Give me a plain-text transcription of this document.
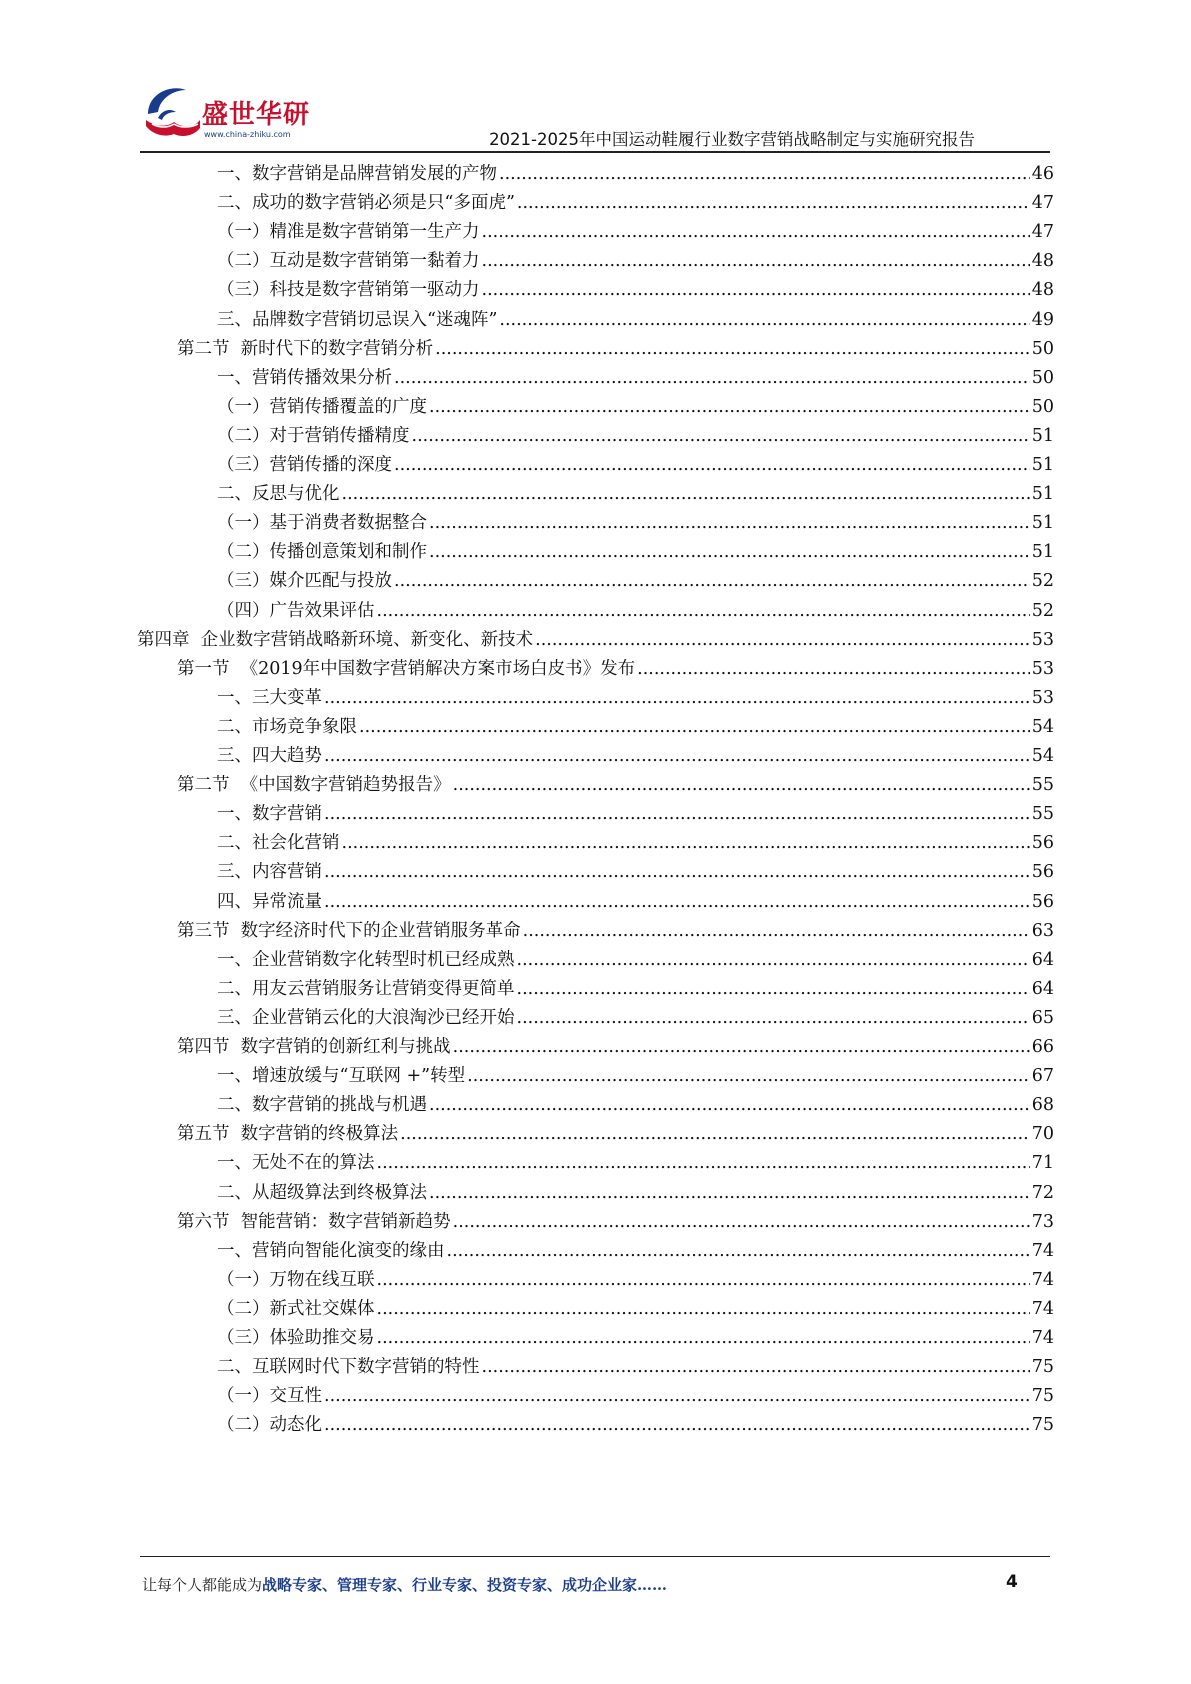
盛世华研
www.china-zhiku.com	2021-2025年中国运动鞋履行业数字营销战略制定与实施研究报告
一、数字营销是品牌营销发展的产物 .....	46
二、成功的数字营销必须是只“多面虎” .....	47
（一）精准是数字营销第一生产力 .....	47
（二）互动是数字营销第一黏着力 .....	48
（三）科技是数字营销第一驱动力 .....	48
三、品牌数字营销切忌误入“迷魂阵” .....	49
第二节  新时代下的数字营销分析 .....	50
一、营销传播效果分析 .....	50
（一）营销传播覆盖的广度 .....	50
（二）对于营销传播精度 .....	51
（三）营销传播的深度 .....	51
二、反思与优化 .....	51
（一）基于消费者数据整合 .....	51
（二）传播创意策划和制作 .....	51
（三）媒介匹配与投放 .....	52
（四）广告效果评估 .....	52
第四章  企业数字营销战略新环境、新变化、新技术 .....	53
第一节  《2019年中国数字营销解决方案市场白皮书》发布 .....	53
一、三大变革 .....	53
二、市场竞争象限 .....	54
三、四大趋势 .....	54
第二节  《中国数字营销趋势报告》 .....	55
一、数字营销 .....	55
二、社会化营销 .....	56
三、内容营销 .....	56
四、异常流量 .....	56
第三节  数字经济时代下的企业营销服务革命 .....	63
一、企业营销数字化转型时机已经成熟 .....	64
二、用友云营销服务让营销变得更简单 .....	64
三、企业营销云化的大浪淘沙已经开始 .....	65
第四节  数字营销的创新红利与挑战 .....	66
一、增速放缓与“互联网 +”转型 .....	67
二、数字营销的挑战与机遇 .....	68
第五节  数字营销的终极算法 .....	70
一、无处不在的算法 .....	71
二、从超级算法到终极算法 .....	72
第六节  智能营销：数字营销新趋势 .....	73
一、营销向智能化演变的缘由 .....	74
（一）万物在线互联 .....	74
（二）新式社交媒体 .....	74
（三）体验助推交易 .....	74
二、互联网时代下数字营销的特性 .....	75
（一）交互性 .....	75
（二）动态化 .....	75
让每个人都能成为战略专家、管理专家、行业专家、投资专家、成功企业家……	4
